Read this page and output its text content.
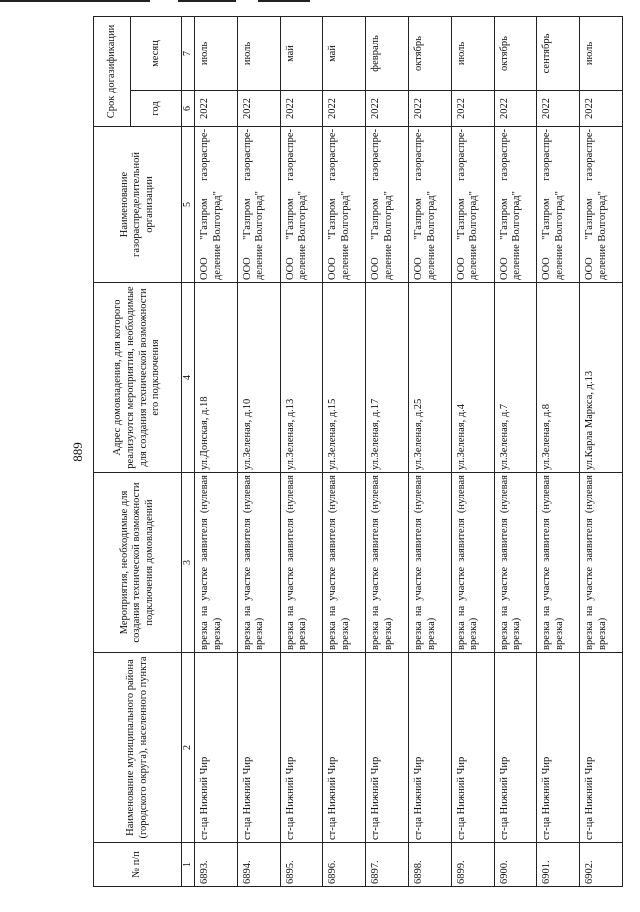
889
№ п/п	Наименование муниципального района (городского округа), населенного пункта	Мероприятия, необходимые для создания технической возможности подключения домовладений	Адрес домовладения, для которого реализуются мероприятия, необходимые для создания технической возможности его подключения	Наименование газораспределительной организации	Срок догазификации	
					год	месяц
1	2	3	4	5	6	7
6893.	ст-ца Нижний Чир	врезка на участке заявителя (нулевая врезка)	ул.Донская, д.18	ООО "Газпром газораспре-деление Волгоград"	2022	июль
6894.	ст-ца Нижний Чир	врезка на участке заявителя (нулевая врезка)	ул.Зеленая, д.10	ООО "Газпром газораспре-деление Волгоград"	2022	июль
6895.	ст-ца Нижний Чир	врезка на участке заявителя (нулевая врезка)	ул.Зеленая, д.13	ООО "Газпром газораспре-деление Волгоград"	2022	май
6896.	ст-ца Нижний Чир	врезка на участке заявителя (нулевая врезка)	ул.Зеленая, д.15	ООО "Газпром газораспре-деление Волгоград"	2022	май
6897.	ст-ца Нижний Чир	врезка на участке заявителя (нулевая врезка)	ул.Зеленая, д.17	ООО "Газпром газораспре-деление Волгоград"	2022	февраль
6898.	ст-ца Нижний Чир	врезка на участке заявителя (нулевая врезка)	ул.Зеленая, д.25	ООО "Газпром газораспре-деление Волгоград"	2022	октябрь
6899.	ст-ца Нижний Чир	врезка на участке заявителя (нулевая врезка)	ул.Зеленая, д.4	ООО "Газпром газораспре-деление Волгоград"	2022	июль
6900.	ст-ца Нижний Чир	врезка на участке заявителя (нулевая врезка)	ул.Зеленая, д.7	ООО "Газпром газораспре-деление Волгоград"	2022	октябрь
6901.	ст-ца Нижний Чир	врезка на участке заявителя (нулевая врезка)	ул.Зеленая, д.8	ООО "Газпром газораспре-деление Волгоград"	2022	сентябрь
6902.	ст-ца Нижний Чир	врезка на участке заявителя (нулевая врезка)	ул.Карла Маркса, д.13	ООО "Газпром газораспре-деление Волгоград"	2022	июль
